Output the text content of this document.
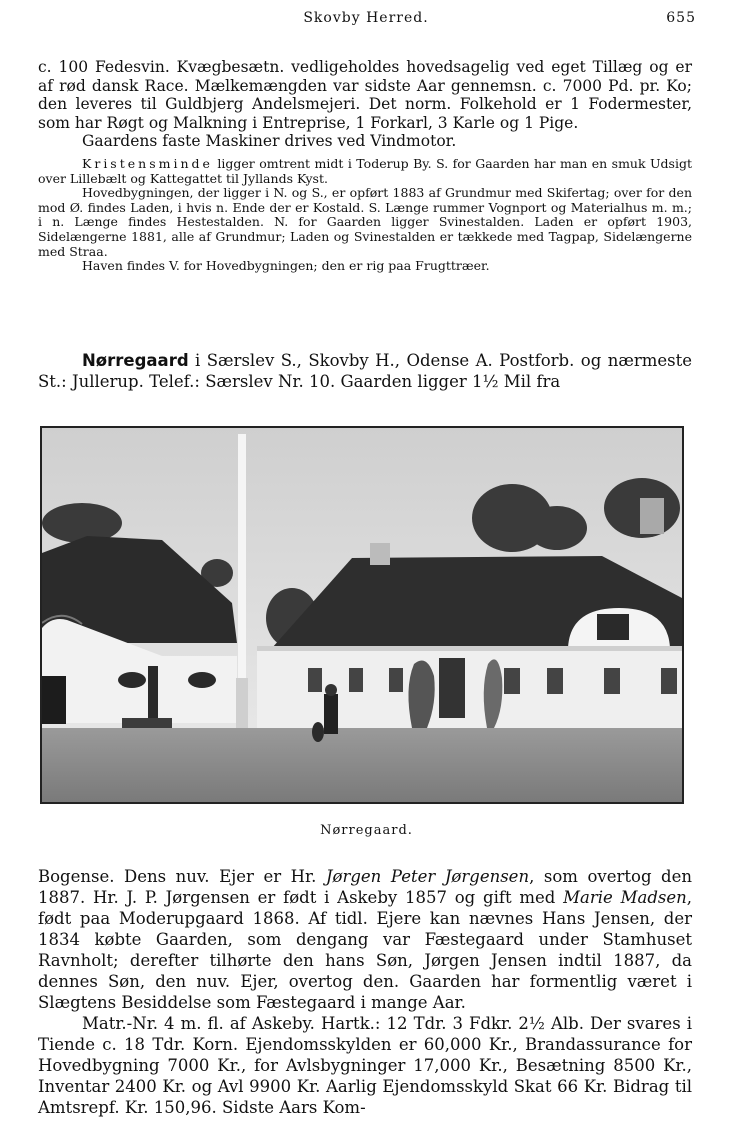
Skovby Herred.	655

c. 100 Fedesvin. Kvægbesætn. vedligeholdes hovedsagelig ved eget Tillæg og er af rød dansk Race. Mælkemængden var sidste Aar gennemsn. c. 7000 Pd. pr. Ko; den leveres til Guldbjerg Andelsmejeri. Det norm. Folkehold er 1 Fodermester, som har Røgt og Malkning i Entreprise, 1 Forkarl, 3 Karle og 1 Pige.

Gaardens faste Maskiner drives ved Vindmotor.

Kristensminde ligger omtrent midt i Toderup By. S. for Gaarden har man en smuk Udsigt over Lillebælt og Kattegattet til Jyllands Kyst.

Hovedbygningen, der ligger i N. og S., er opført 1883 af Grundmur med Skifertag; over for den mod Ø. findes Laden, i hvis n. Ende der er Kostald. S. Længe rummer Vognport og Materialhus m. m.; i n. Længe findes Hestestalden. N. for Gaarden ligger Svinestalden. Laden er opført 1903, Sidelængerne 1881, alle af Grundmur; Laden og Svinestalden er tækkede med Tagpap, Sidelængerne med Straa.

Haven findes V. for Hovedbygningen; den er rig paa Frugttræer.

Nørregaard i Særslev S., Skovby H., Odense A. Postforb. og nærmeste St.: Jullerup. Telef.: Særslev Nr. 10. Gaarden ligger 1½ Mil fra

Nørregaard.

Bogense. Dens nuv. Ejer er Hr. Jørgen Peter Jørgensen, som overtog den 1887. Hr. J. P. Jørgensen er født i Askeby 1857 og gift med Marie Madsen, født paa Moderupgaard 1868. Af tidl. Ejere kan nævnes Hans Jensen, der 1834 købte Gaarden, som dengang var Fæstegaard under Stamhuset Ravnholt; derefter tilhørte den hans Søn, Jørgen Jensen indtil 1887, da dennes Søn, den nuv. Ejer, overtog den. Gaarden har formentlig været i Slægtens Besiddelse som Fæstegaard i mange Aar.

Matr.-Nr. 4 m. fl. af Askeby. Hartk.: 12 Tdr. 3 Fdkr. 2½ Alb. Der svares i Tiende c. 18 Tdr. Korn. Ejendomsskylden er 60,000 Kr., Brandassurance for Hovedbygning 7000 Kr., for Avlsbygninger 17,000 Kr., Besætning 8500 Kr., Inventar 2400 Kr. og Avl 9900 Kr. Aarlig Ejendomsskyld Skat 66 Kr. Bidrag til Amtsrepf. Kr. 150,96. Sidste Aars Kom-
